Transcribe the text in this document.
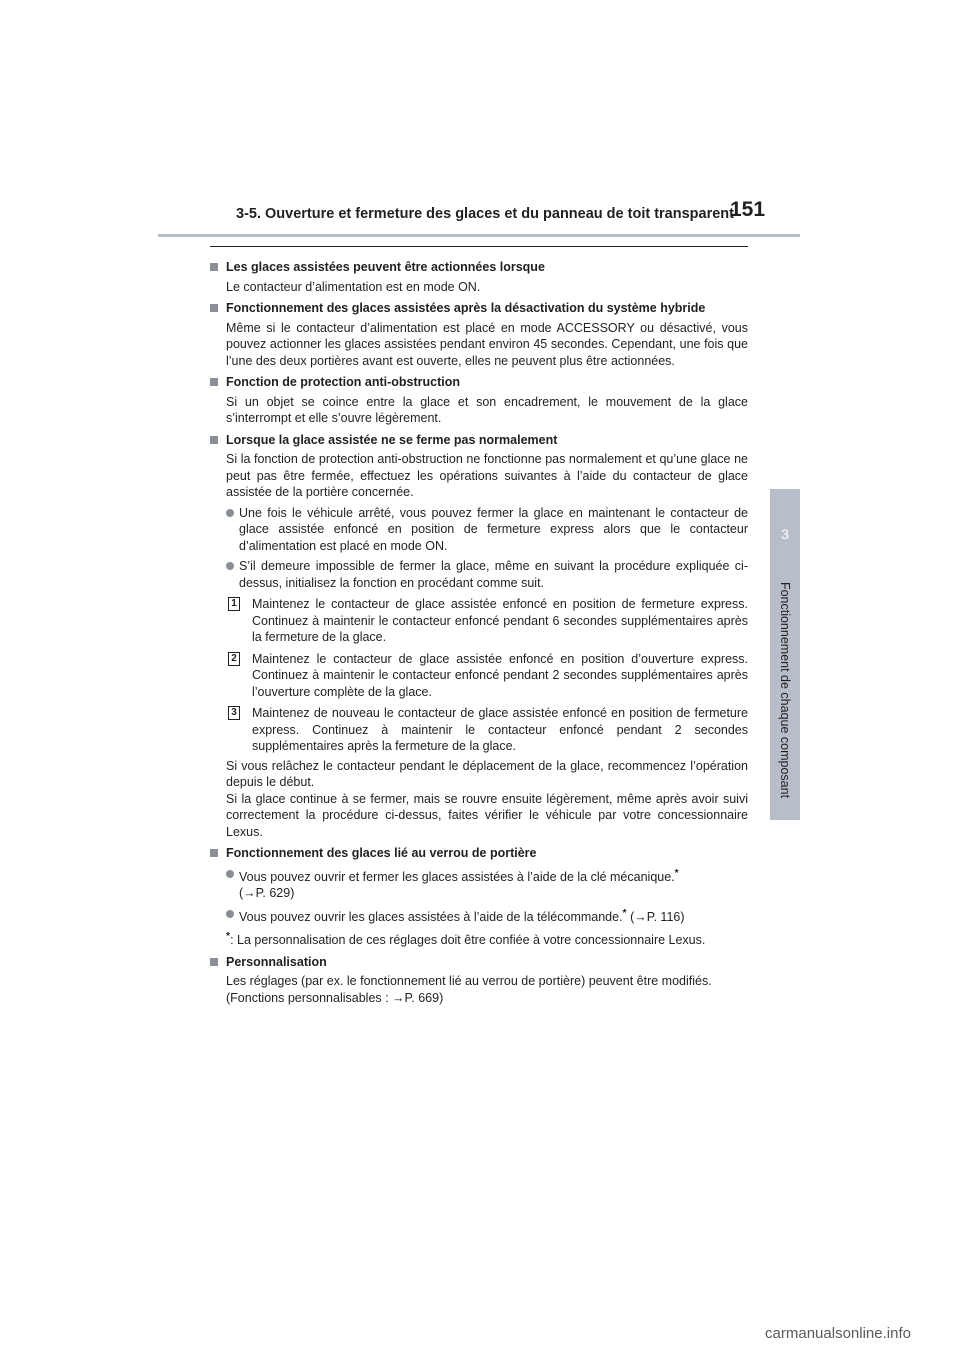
3-5. Ouverture et fermeture des glaces et du panneau de toit transparent
151
3
Fonctionnement de chaque composant
Les glaces assistées peuvent être actionnées lorsque
Le contacteur d’alimentation est en mode ON.
Fonctionnement des glaces assistées après la désactivation du système hybride
Même si le contacteur d’alimentation est placé en mode ACCESSORY ou désactivé, vous pouvez actionner les glaces assistées pendant environ 45 secondes. Cependant, une fois que l’une des deux portières avant est ouverte, elles ne peuvent plus être actionnées.
Fonction de protection anti-obstruction
Si un objet se coince entre la glace et son encadrement, le mouvement de la glace s’interrompt et elle s’ouvre légèrement.
Lorsque la glace assistée ne se ferme pas normalement
Si la fonction de protection anti-obstruction ne fonctionne pas normalement et qu’une glace ne peut pas être fermée, effectuez les opérations suivantes à l’aide du contacteur de glace assistée de la portière concernée.
Une fois le véhicule arrêté, vous pouvez fermer la glace en maintenant le contacteur de glace assistée enfoncé en position de fermeture express alors que le contacteur d’alimentation est placé en mode ON.
S’il demeure impossible de fermer la glace, même en suivant la procédure expliquée ci-dessus, initialisez la fonction en procédant comme suit.
1 Maintenez le contacteur de glace assistée enfoncé en position de fermeture express. Continuez à maintenir le contacteur enfoncé pendant 6 secondes supplémentaires après la fermeture de la glace.
2 Maintenez le contacteur de glace assistée enfoncé en position d’ouverture express. Continuez à maintenir le contacteur enfoncé pendant 2 secondes supplémentaires après l’ouverture complète de la glace.
3 Maintenez de nouveau le contacteur de glace assistée enfoncé en position de fermeture express. Continuez à maintenir le contacteur enfoncé pendant 2 secondes supplémentaires après la fermeture de la glace.
Si vous relâchez le contacteur pendant le déplacement de la glace, recommencez l’opération depuis le début.
Si la glace continue à se fermer, mais se rouvre ensuite légèrement, même après avoir suivi correctement la procédure ci-dessus, faites vérifier le véhicule par votre concessionnaire Lexus.
Fonctionnement des glaces lié au verrou de portière
Vous pouvez ouvrir et fermer les glaces assistées à l’aide de la clé mécanique.*
(→P. 629)
Vous pouvez ouvrir les glaces assistées à l’aide de la télécommande.* (→P. 116)
*: La personnalisation de ces réglages doit être confiée à votre concessionnaire Lexus.
Personnalisation
Les réglages (par ex. le fonctionnement lié au verrou de portière) peuvent être modifiés.
(Fonctions personnalisables : →P. 669)
carmanualsonline.info
